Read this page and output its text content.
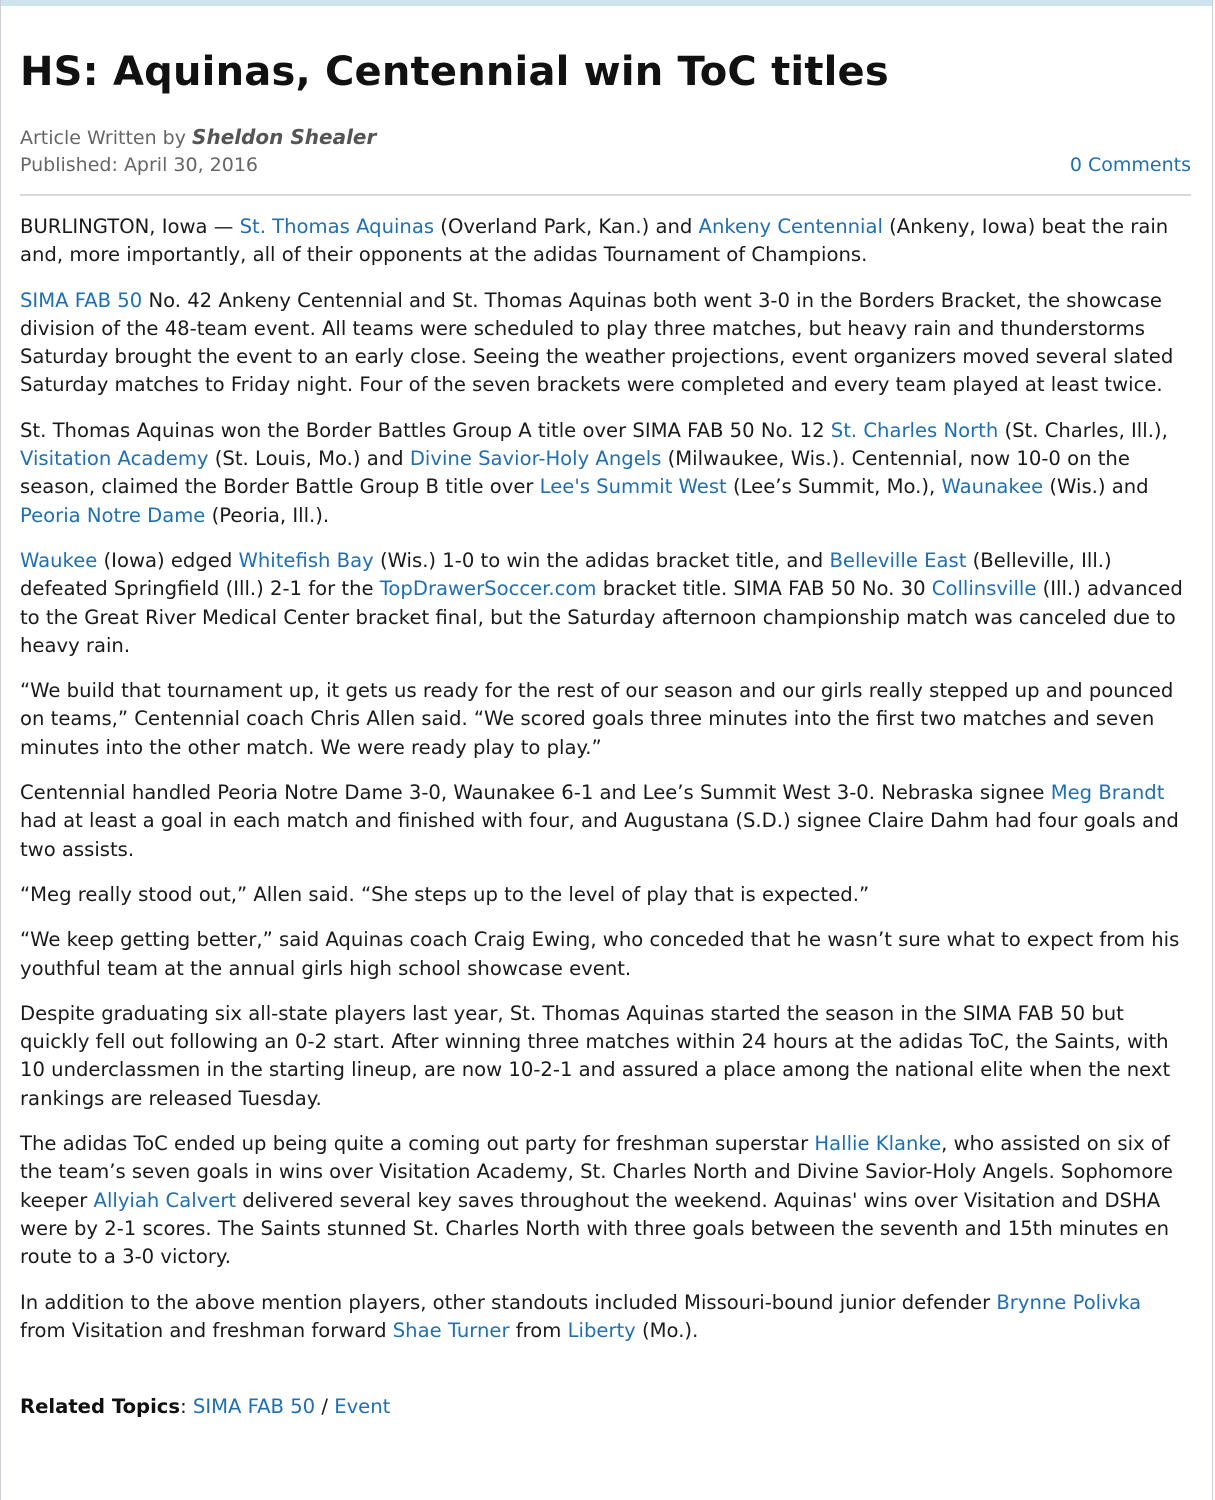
HS: Aquinas, Centennial win ToC titles
Article Written by Sheldon Shealer
Published: April 30, 2016	0 Comments

BURLINGTON, Iowa — St. Thomas Aquinas (Overland Park, Kan.) and Ankeny Centennial (Ankeny, Iowa) beat the rain and, more importantly, all of their opponents at the adidas Tournament of Champions.

SIMA FAB 50 No. 42 Ankeny Centennial and St. Thomas Aquinas both went 3-0 in the Borders Bracket, the showcase division of the 48-team event. All teams were scheduled to play three matches, but heavy rain and thunderstorms Saturday brought the event to an early close. Seeing the weather projections, event organizers moved several slated Saturday matches to Friday night. Four of the seven brackets were completed and every team played at least twice.

St. Thomas Aquinas won the Border Battles Group A title over SIMA FAB 50 No. 12 St. Charles North (St. Charles, Ill.), Visitation Academy (St. Louis, Mo.) and Divine Savior-Holy Angels (Milwaukee, Wis.). Centennial, now 10-0 on the season, claimed the Border Battle Group B title over Lee's Summit West (Lee’s Summit, Mo.), Waunakee (Wis.) and Peoria Notre Dame (Peoria, Ill.).

Waukee (Iowa) edged Whitefish Bay (Wis.) 1-0 to win the adidas bracket title, and Belleville East (Belleville, Ill.) defeated Springfield (Ill.) 2-1 for the TopDrawerSoccer.com bracket title. SIMA FAB 50 No. 30 Collinsville (Ill.) advanced to the Great River Medical Center bracket final, but the Saturday afternoon championship match was canceled due to heavy rain.

“We build that tournament up, it gets us ready for the rest of our season and our girls really stepped up and pounced on teams,” Centennial coach Chris Allen said. “We scored goals three minutes into the first two matches and seven minutes into the other match. We were ready play to play.”

Centennial handled Peoria Notre Dame 3-0, Waunakee 6-1 and Lee’s Summit West 3-0. Nebraska signee Meg Brandt had at least a goal in each match and finished with four, and Augustana (S.D.) signee Claire Dahm had four goals and two assists.

“Meg really stood out,” Allen said. “She steps up to the level of play that is expected.”

“We keep getting better,” said Aquinas coach Craig Ewing, who conceded that he wasn’t sure what to expect from his youthful team at the annual girls high school showcase event.

Despite graduating six all-state players last year, St. Thomas Aquinas started the season in the SIMA FAB 50 but quickly fell out following an 0-2 start. After winning three matches within 24 hours at the adidas ToC, the Saints, with 10 underclassmen in the starting lineup, are now 10-2-1 and assured a place among the national elite when the next rankings are released Tuesday.

The adidas ToC ended up being quite a coming out party for freshman superstar Hallie Klanke, who assisted on six of the team’s seven goals in wins over Visitation Academy, St. Charles North and Divine Savior-Holy Angels. Sophomore keeper Allyiah Calvert delivered several key saves throughout the weekend. Aquinas' wins over Visitation and DSHA were by 2-1 scores. The Saints stunned St. Charles North with three goals between the seventh and 15th minutes en route to a 3-0 victory.

In addition to the above mention players, other standouts included Missouri-bound junior defender Brynne Polivka from Visitation and freshman forward Shae Turner from Liberty (Mo.).

Related Topics: SIMA FAB 50 / Event
